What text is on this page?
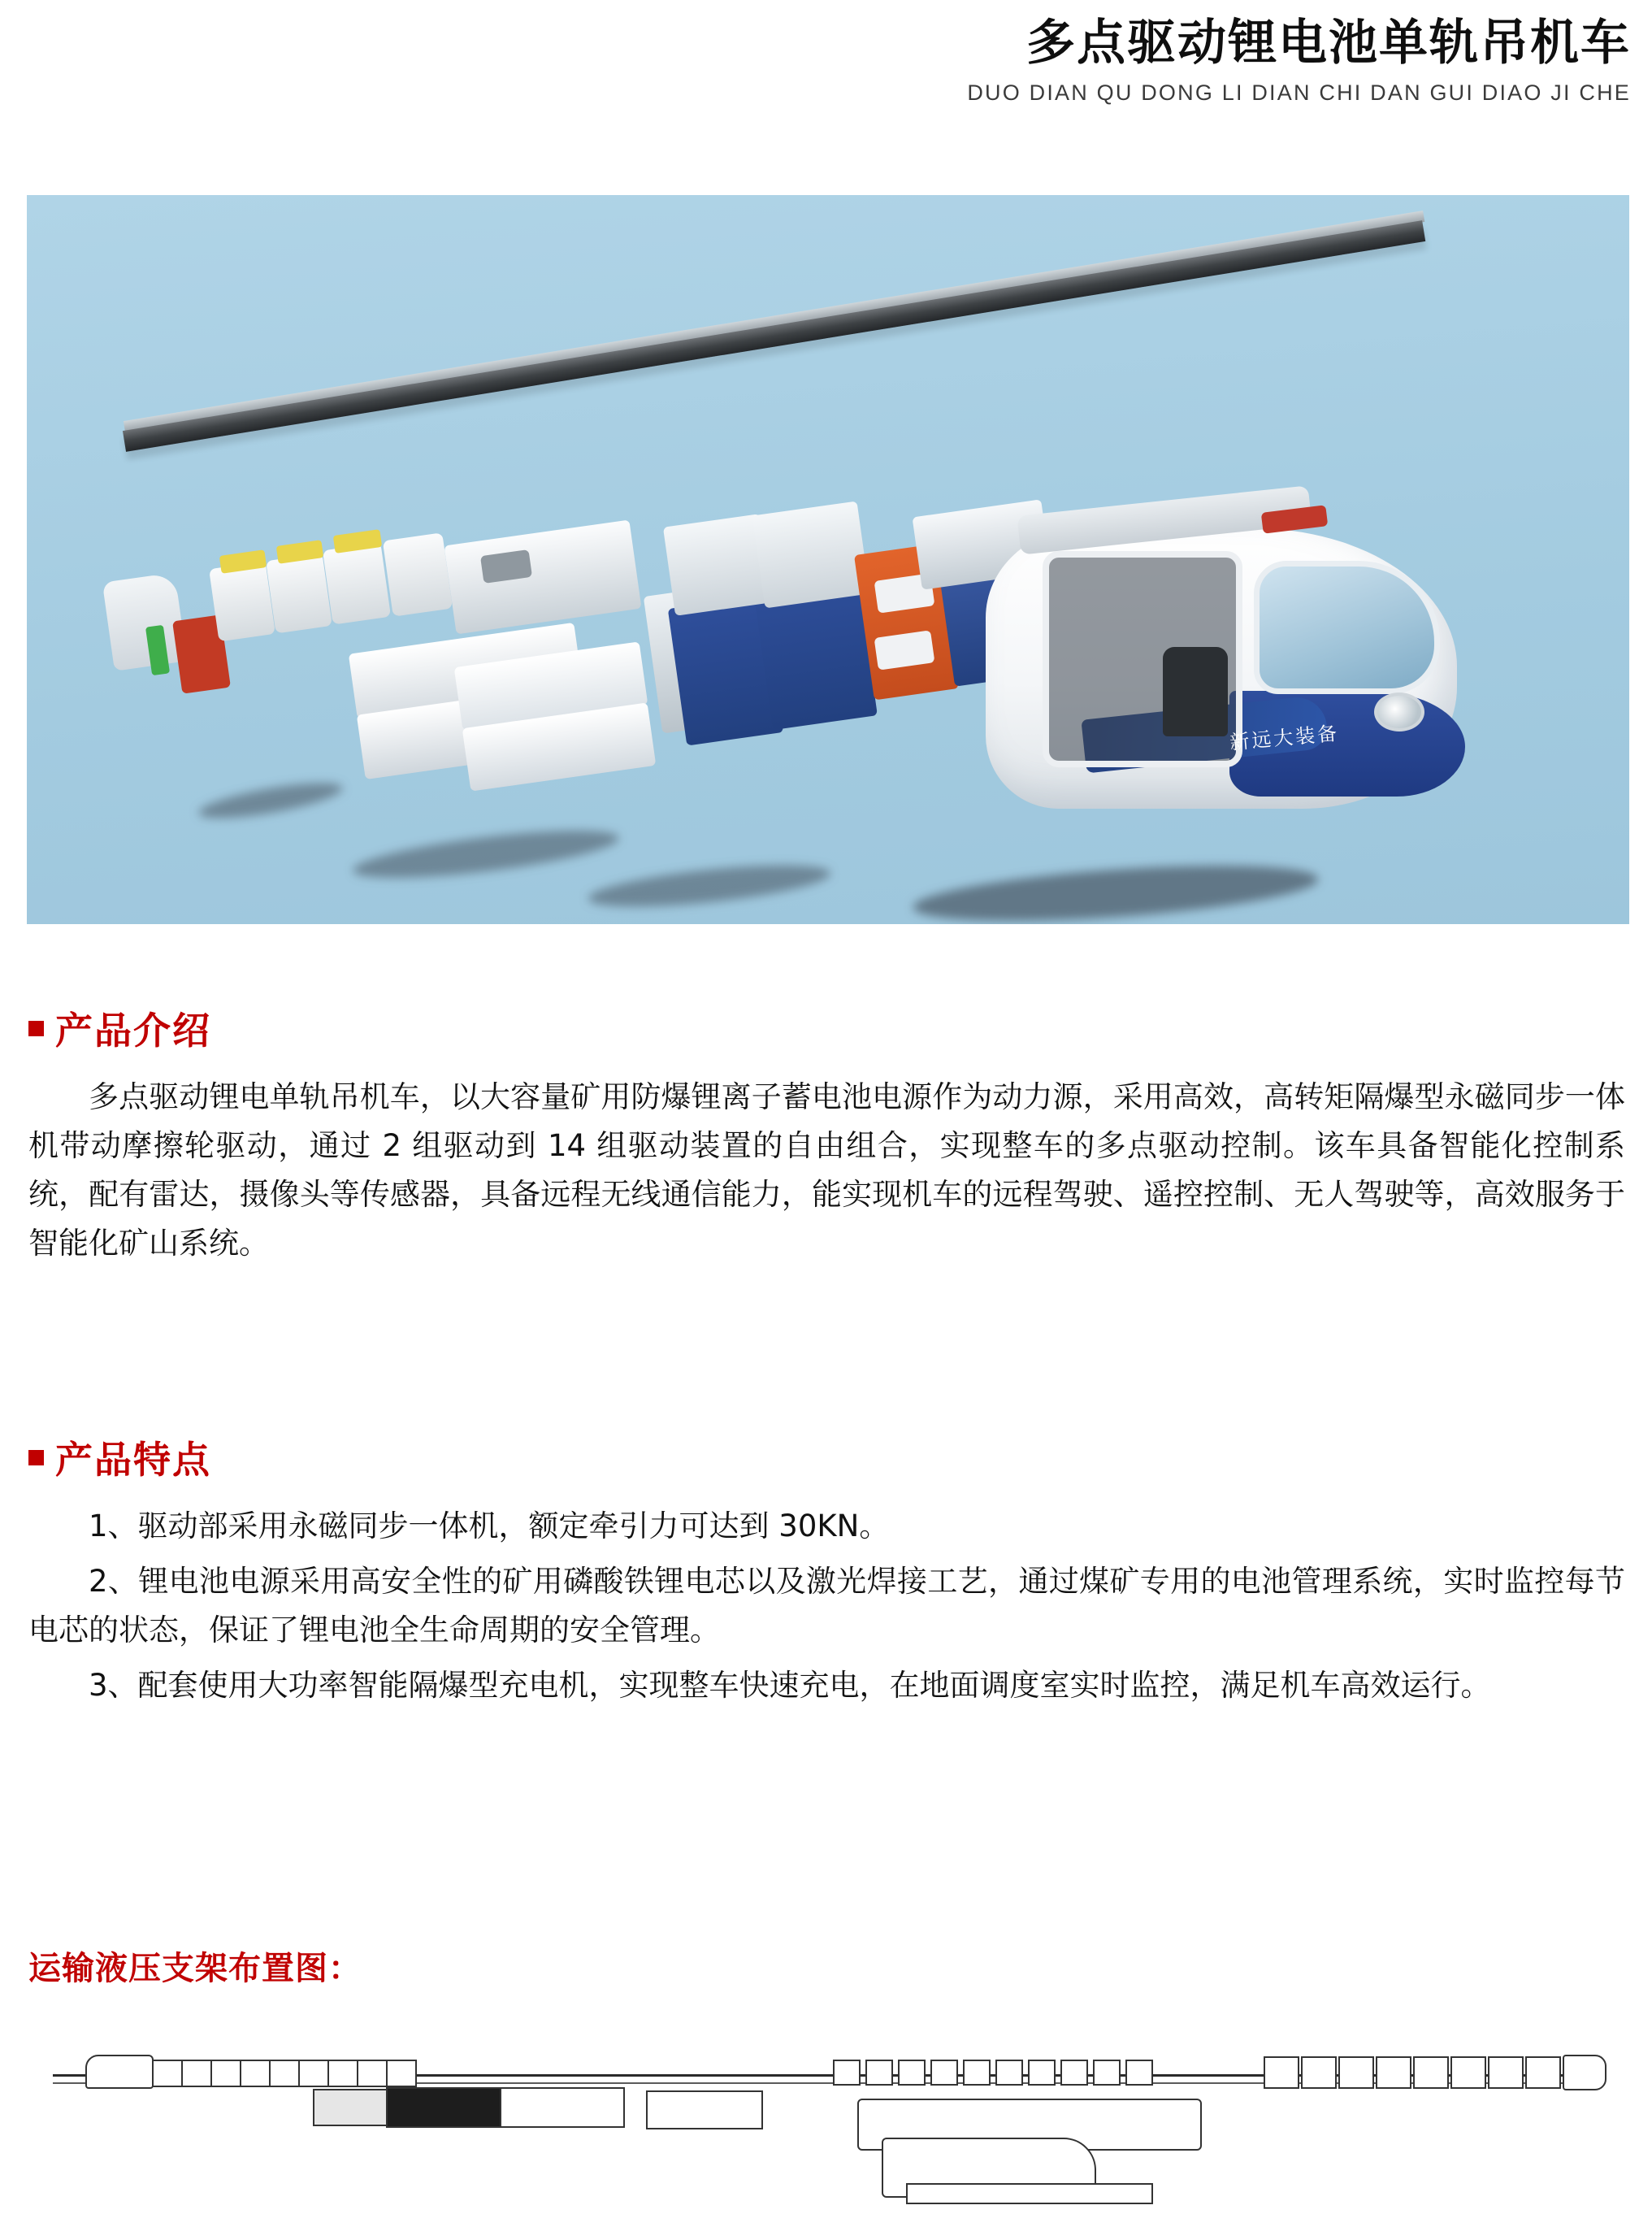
多点驱动锂电池单轨吊机车
DUO DIAN QU DONG LI DIAN CHI DAN GUI DIAO JI CHE
新远大装备
产品介绍

多点驱动锂电单轨吊机车，以大容量矿用防爆锂离子蓄电池电源作为动力源，采用高效，高转矩隔爆型永磁同步一体机带动摩擦轮驱动，通过 2 组驱动到 14 组驱动装置的自由组合，实现整车的多点驱动控制。该车具备智能化控制系统，配有雷达，摄像头等传感器，具备远程无线通信能力，能实现机车的远程驾驶、遥控控制、无人驾驶等，高效服务于智能化矿山系统。

产品特点

1、驱动部采用永磁同步一体机，额定牵引力可达到 30KN。

2、锂电池电源采用高安全性的矿用磷酸铁锂电芯以及激光焊接工艺，通过煤矿专用的电池管理系统，实时监控每节电芯的状态，保证了锂电池全生命周期的安全管理。

3、配套使用大功率智能隔爆型充电机，实现整车快速充电，在地面调度室实时监控，满足机车高效运行。

运输液压支架布置图：
